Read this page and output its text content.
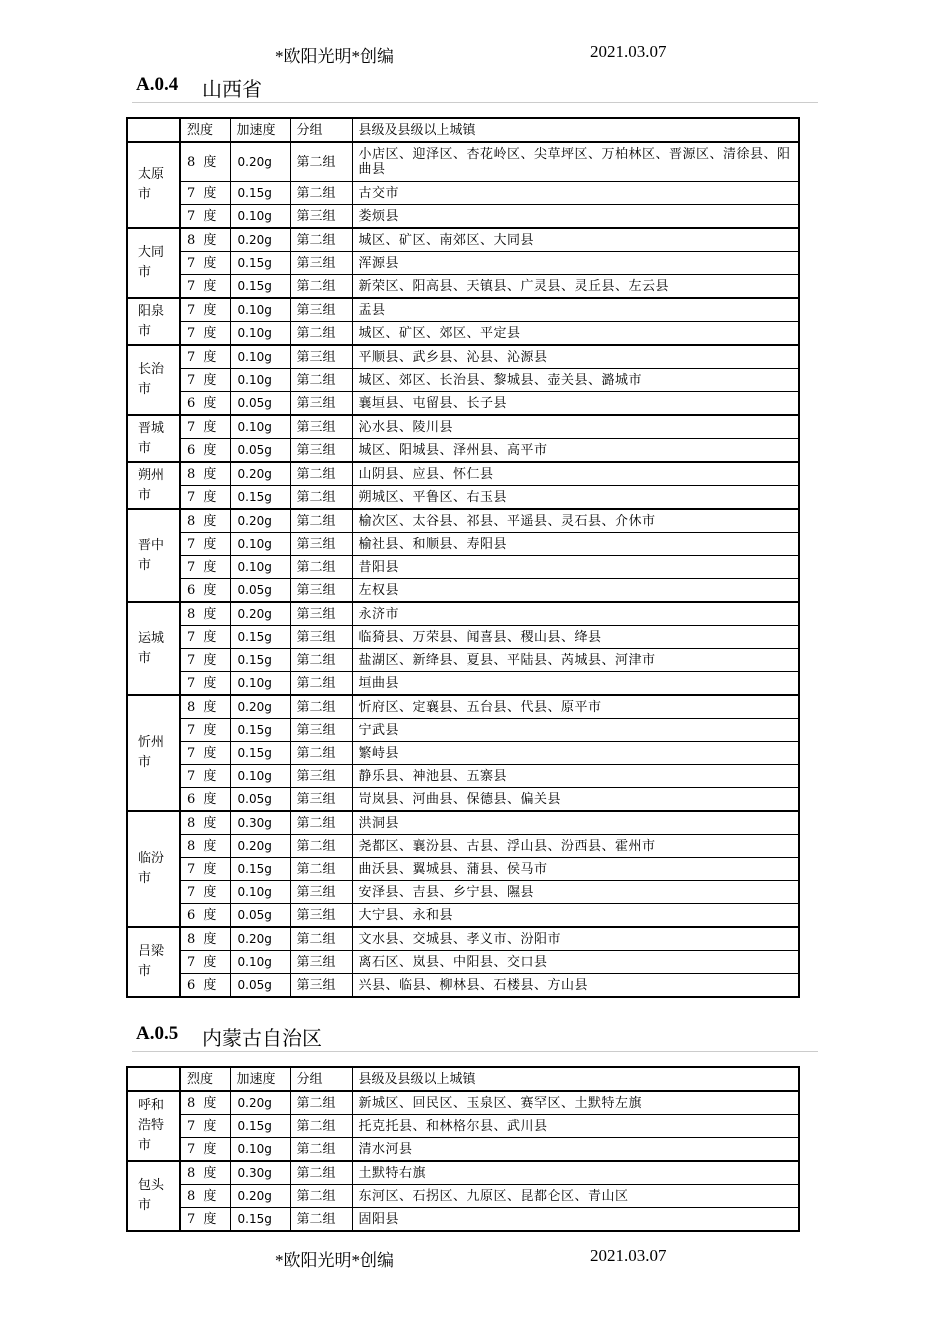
*欧阳光明*创编	2021.03.07
A.0.4 山西省
	烈度	加速度	分组	县级及县级以上城镇
太原市	8 度	0.20g	第二组	小店区、迎泽区、杏花岭区、尖草坪区、万柏林区、晋源区、清徐县、阳曲县
	7 度	0.15g	第二组	古交市
	7 度	0.10g	第三组	娄烦县
大同市	8 度	0.20g	第二组	城区、矿区、南郊区、大同县
	7 度	0.15g	第三组	浑源县
	7 度	0.15g	第二组	新荣区、阳高县、天镇县、广灵县、灵丘县、左云县
阳泉市	7 度	0.10g	第三组	盂县
	7 度	0.10g	第二组	城区、矿区、郊区、平定县
长治市	7 度	0.10g	第三组	平顺县、武乡县、沁县、沁源县
	7 度	0.10g	第二组	城区、郊区、长治县、黎城县、壶关县、潞城市
	6 度	0.05g	第三组	襄垣县、屯留县、长子县
晋城市	7 度	0.10g	第三组	沁水县、陵川县
	6 度	0.05g	第三组	城区、阳城县、泽州县、高平市
朔州市	8 度	0.20g	第二组	山阴县、应县、怀仁县
	7 度	0.15g	第二组	朔城区、平鲁区、右玉县
晋中市	8 度	0.20g	第二组	榆次区、太谷县、祁县、平遥县、灵石县、介休市
	7 度	0.10g	第三组	榆社县、和顺县、寿阳县
	7 度	0.10g	第二组	昔阳县
	6 度	0.05g	第三组	左权县
运城市	8 度	0.20g	第三组	永济市
	7 度	0.15g	第三组	临猗县、万荣县、闻喜县、稷山县、绛县
	7 度	0.15g	第二组	盐湖区、新绛县、夏县、平陆县、芮城县、河津市
	7 度	0.10g	第二组	垣曲县
忻州市	8 度	0.20g	第二组	忻府区、定襄县、五台县、代县、原平市
	7 度	0.15g	第三组	宁武县
	7 度	0.15g	第二组	繁峙县
	7 度	0.10g	第三组	静乐县、神池县、五寨县
	6 度	0.05g	第三组	岢岚县、河曲县、保德县、偏关县
临汾市	8 度	0.30g	第二组	洪洞县
	8 度	0.20g	第二组	尧都区、襄汾县、古县、浮山县、汾西县、霍州市
	7 度	0.15g	第二组	曲沃县、翼城县、蒲县、侯马市
	7 度	0.10g	第三组	安泽县、吉县、乡宁县、隰县
	6 度	0.05g	第三组	大宁县、永和县
吕梁市	8 度	0.20g	第二组	文水县、交城县、孝义市、汾阳市
	7 度	0.10g	第三组	离石区、岚县、中阳县、交口县
	6 度	0.05g	第三组	兴县、临县、柳林县、石楼县、方山县
A.0.5 内蒙古自治区
	烈度	加速度	分组	县级及县级以上城镇
呼和浩特市	8 度	0.20g	第二组	新城区、回民区、玉泉区、赛罕区、土默特左旗
	7 度	0.15g	第二组	托克托县、和林格尔县、武川县
	7 度	0.10g	第二组	清水河县
包头市	8 度	0.30g	第二组	土默特右旗
	8 度	0.20g	第二组	东河区、石拐区、九原区、昆都仑区、青山区
	7 度	0.15g	第二组	固阳县
*欧阳光明*创编	2021.03.07
